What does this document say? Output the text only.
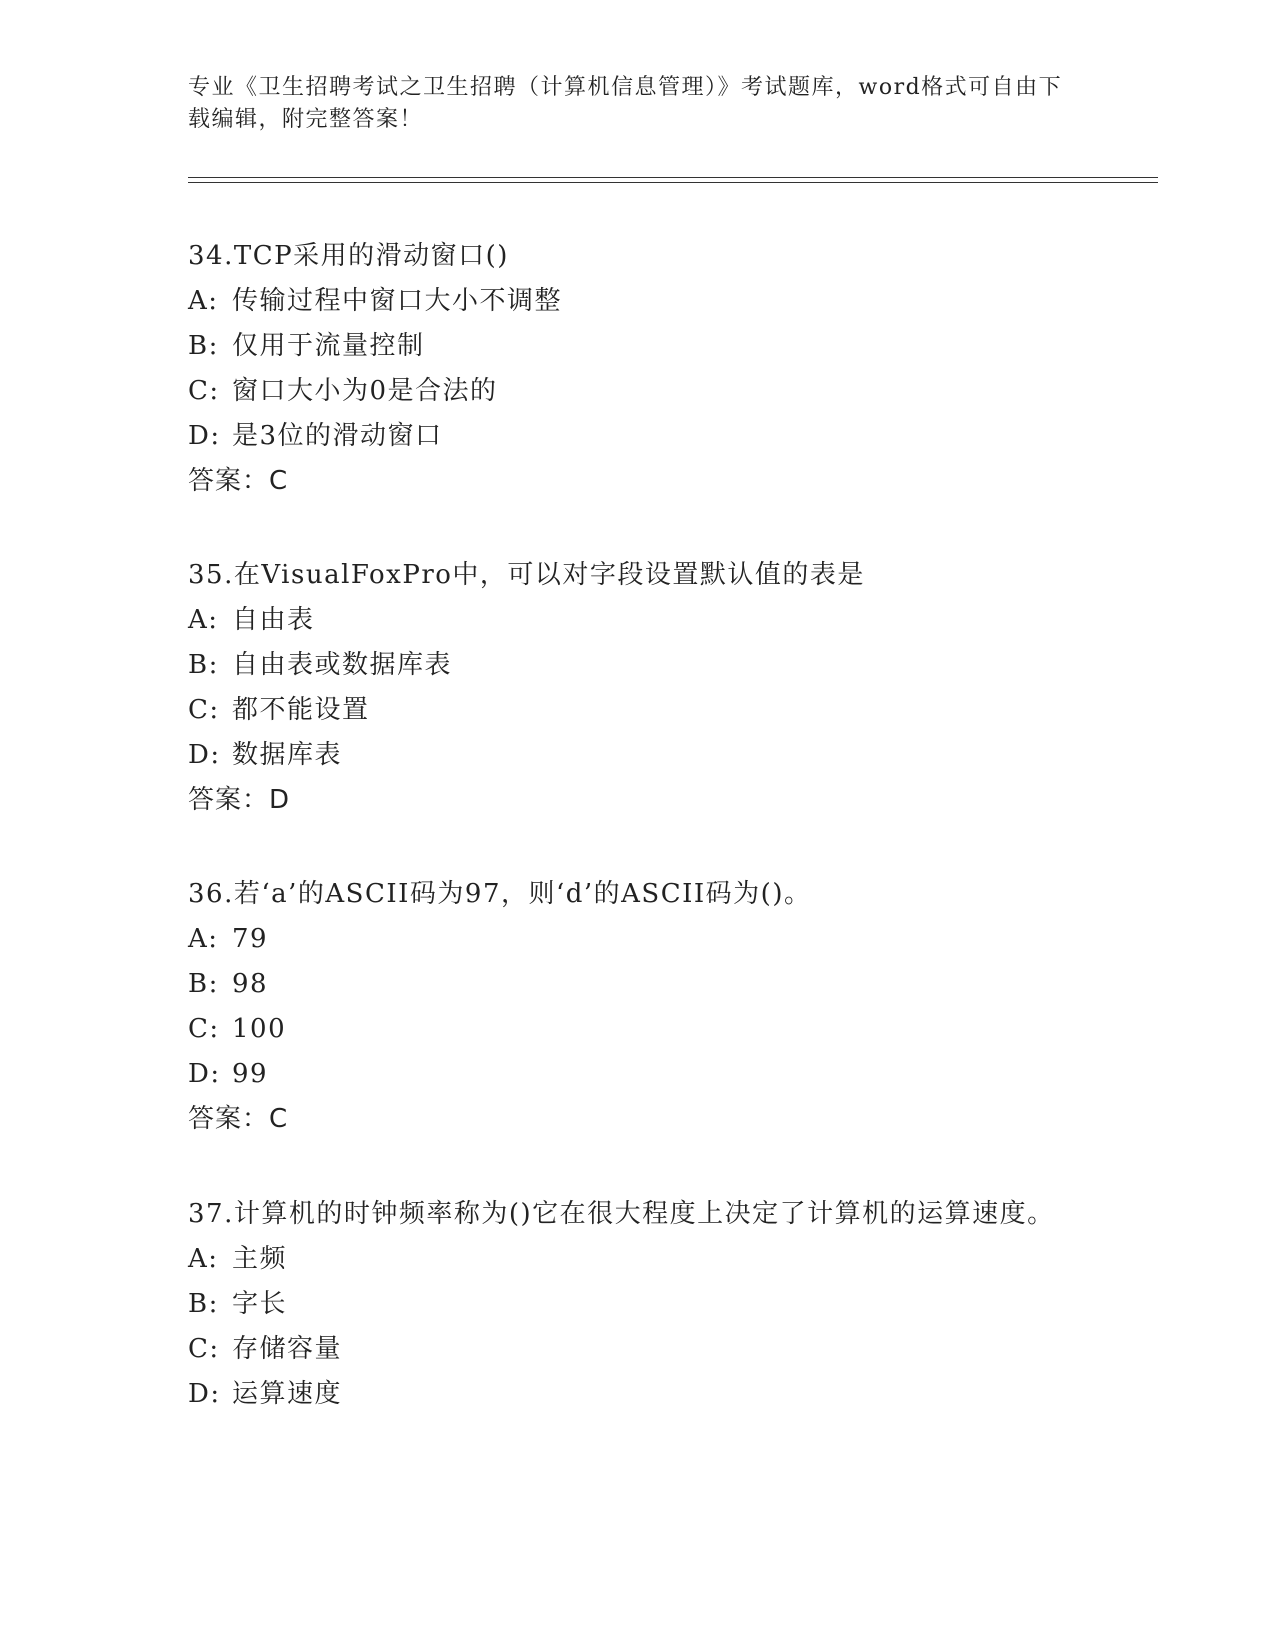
专业《卫生招聘考试之卫生招聘（计算机信息管理）》考试题库，word格式可自由下载编辑，附完整答案！
34.TCP采用的滑动窗口()
A: 传输过程中窗口大小不调整
B: 仅用于流量控制
C: 窗口大小为0是合法的
D: 是3位的滑动窗口
答案：C
35.在VisualFoxPro中，可以对字段设置默认值的表是
A: 自由表
B: 自由表或数据库表
C: 都不能设置
D: 数据库表
答案：D
36.若‘a’的ASCII码为97，则‘d’的ASCII码为()。
A: 79
B: 98
C: 100
D: 99
答案：C
37.计算机的时钟频率称为()它在很大程度上决定了计算机的运算速度。
A: 主频
B: 字长
C: 存储容量
D: 运算速度
